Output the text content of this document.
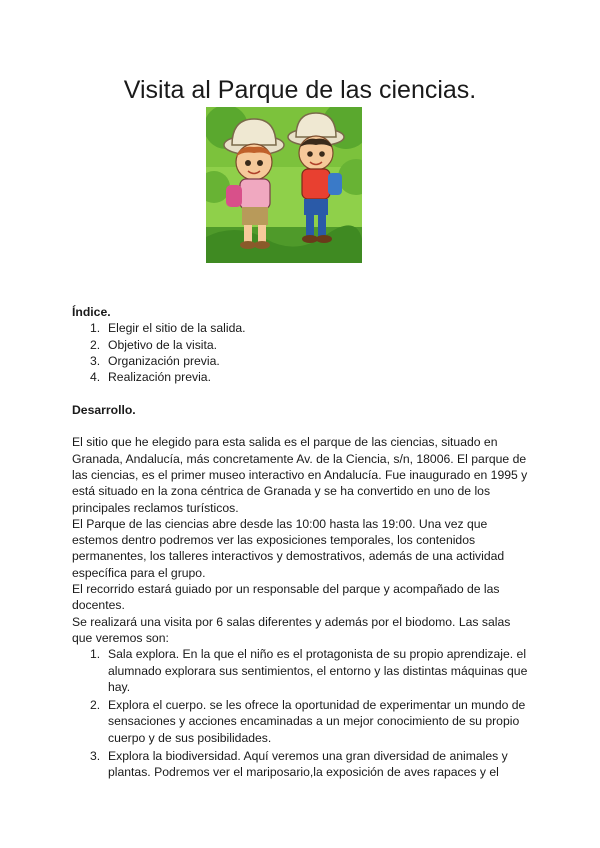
Visita al Parque de las ciencias.

Índice.

1. Elegir el sitio de la salida.
2. Objetivo de la visita.
3. Organización previa.
4. Realización previa.

Desarrollo.

El sitio que he elegido para esta salida es el parque de las ciencias, situado en Granada, Andalucía, más concretamente Av. de la Ciencia, s/n, 18006. El parque de las ciencias, es el primer museo interactivo en Andalucía. Fue inaugurado en 1995 y está situado en la zona céntrica de Granada y se ha convertido en uno de los principales reclamos turísticos.

El Parque de las ciencias abre desde las 10:00 hasta las 19:00. Una vez que estemos dentro podremos ver las exposiciones temporales, los contenidos permanentes, los talleres interactivos y demostrativos, además de una actividad específica para el grupo.

El recorrido estará guiado por un responsable del parque y acompañado de las docentes.

Se realizará una visita por 6 salas diferentes y además por el biodomo. Las salas que veremos son:

1. Sala explora. En la que el niño es el protagonista de su propio aprendizaje. el alumnado explorara sus sentimientos, el entorno y las distintas máquinas que hay.
2. Explora el cuerpo. se les ofrece la oportunidad de experimentar un mundo de sensaciones y acciones encaminadas a un mejor conocimiento de su propio cuerpo y de sus posibilidades.
3. Explora la biodiversidad. Aquí veremos una gran diversidad de animales y plantas. Podremos ver el mariposario,la exposición de aves rapaces y el
